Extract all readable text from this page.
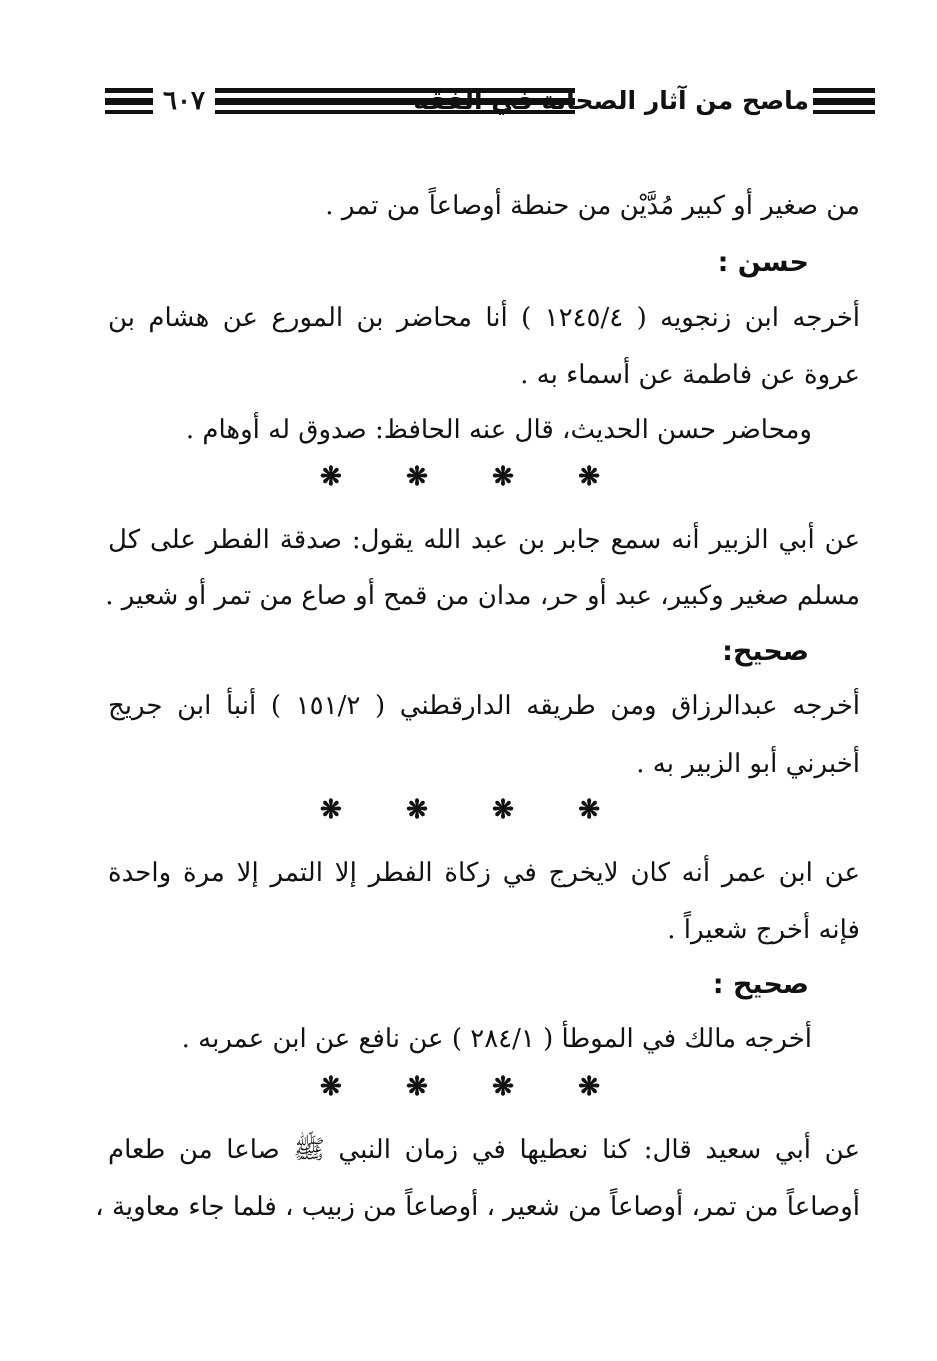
٦٠٧	ماصح من آثار الصحابة في الفقه
من صغير أو كبير مُدَّيْن من حنطة أوصاعاً من تمر .
حسن :
أخرجه ابن زنجويه ( ١٢٤٥/٤ ) أنا محاضر بن المورع عن هشام بن
عروة عن فاطمة عن أسماء به .
ومحاضر حسن الحديث، قال عنه الحافظ: صدوق له أوهام .
❋ ❋ ❋ ❋
عن أبي الزبير أنه سمع جابر بن عبد الله يقول: صدقة الفطر على كل
مسلم صغير وكبير، عبد أو حر، مدان من قمح أو صاع من تمر أو شعير .
صحيح:
أخرجه عبدالرزاق ومن طريقه الدارقطني ( ١٥١/٢ ) أنبأ ابن جريج
أخبرني أبو الزبير به .
❋ ❋ ❋ ❋
عن ابن عمر أنه كان لايخرج في زكاة الفطر إلا التمر إلا مرة واحدة
فإنه أخرج شعيراً .
صحيح :
أخرجه مالك في الموطأ ( ٢٨٤/١ ) عن نافع عن ابن عمربه .
❋ ❋ ❋ ❋
عن أبي سعيد قال: كنا نعطيها في زمان النبي ﷺ صاعا من طعام
أوصاعاً من تمر، أوصاعاً من شعير ، أوصاعاً من زبيب ، فلما جاء معاوية ،
